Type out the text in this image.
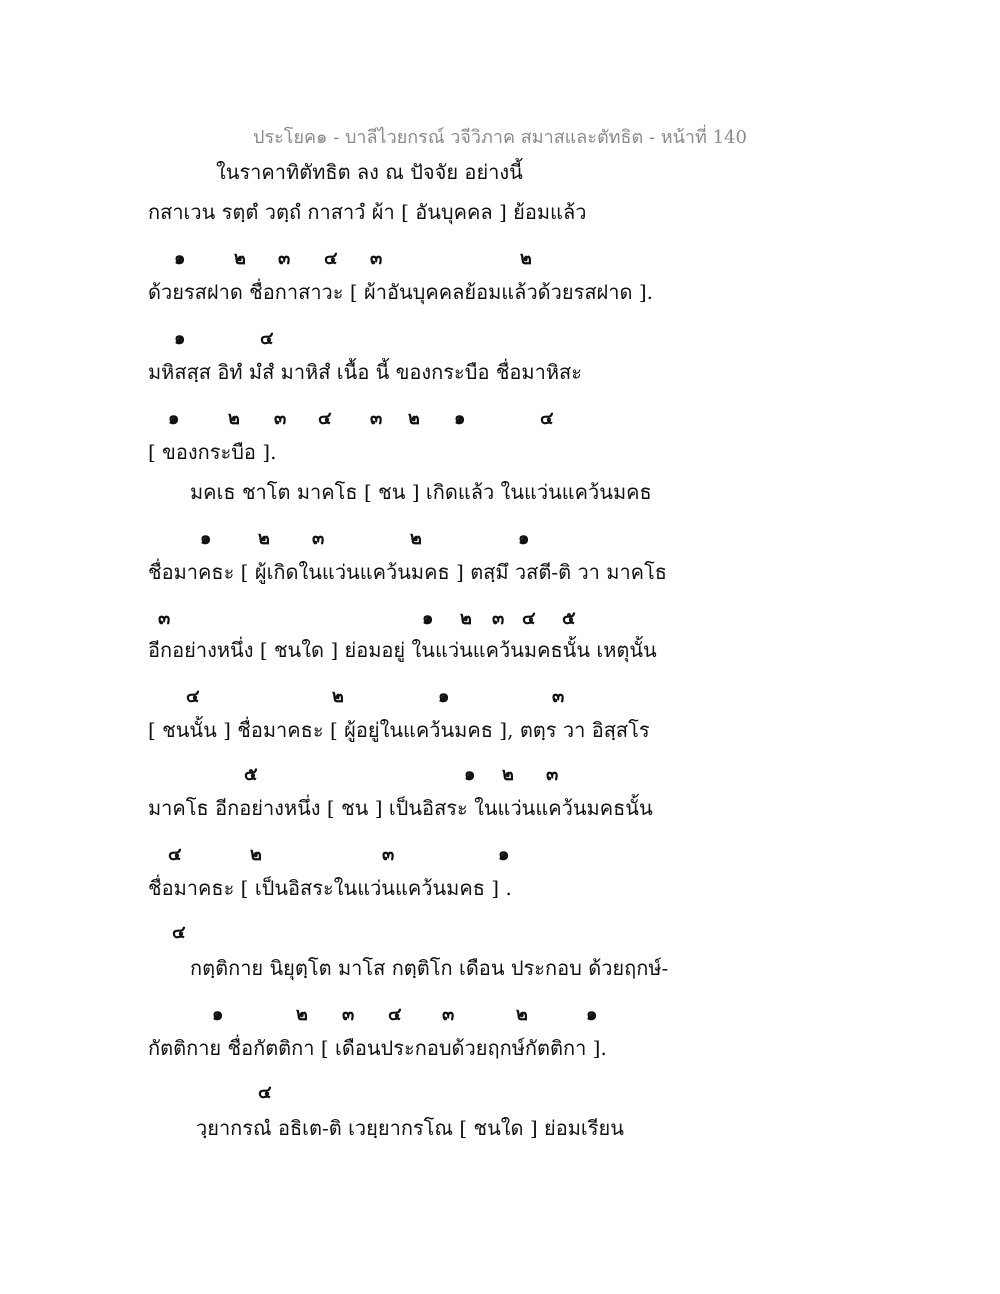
ประโยค๑ - บาลีไวยกรณ์ วจีวิภาค สมาสและตัทธิต - หน้าที่ 140
ในราคาทิตัทธิต ลง ณ ปัจจัย อย่างนี้
กสาเวน รตฺตํ วตฺถํ กาสาวํ ผ้า [ อันบุคคล ] ย้อมแล้ว
ด้วยรสฝาด ชื่อกาสาวะ [ ผ้าอันบุคคลย้อมแล้วด้วยรสฝาด ].
มหิสสฺส อิทํ มํสํ มาหิสํ เนื้อ นี้ ของกระบือ ชื่อมาหิสะ
[ ของกระบือ ].
มคเธ ชาโต มาคโธ [ ชน ] เกิดแล้ว ในแว่นแคว้นมคธ
ชื่อมาคธะ [ ผู้เกิดในแว่นแคว้นมคธ ] ตสฺมึ วสตี-ติ วา มาคโธ
อีกอย่างหนึ่ง [ ชนใด ] ย่อมอยู่ ในแว่นแคว้นมคธนั้น เหตุนั้น
[ ชนนั้น ] ชื่อมาคธะ [ ผู้อยู่ในแคว้นมคธ ], ตตฺร วา อิสฺสโร
มาคโธ อีกอย่างหนึ่ง [ ชน ] เป็นอิสระ ในแว่นแคว้นมคธนั้น
ชื่อมาคธะ [ เป็นอิสระในแว่นแคว้นมคธ ] .
กตฺติกาย นิยุตฺโต มาโส กตฺติโก เดือน ประกอบ ด้วยฤกษ์-
กัตติกาย ชื่อกัตติกา [ เดือนประกอบด้วยฤกษ์กัตติกา ].
วฺยากรณํ อธิเต-ติ เวยฺยากรโณ [ ชนใด ] ย่อมเรียน
๑	๒ ๓ ๔ ๓	๒
๑	๔
๑	๒ ๓ ๔ ๓ ๒ ๑	๔
๑	๒ ๓	๒	๑
๓	๑ ๒ ๓ ๔ ๕
๔	๒	๑	๓
๕	๑ ๒ ๓
๔	๒	๓	๑
๔
๑	๒ ๓ ๔ ๓	๒	๑
๔
